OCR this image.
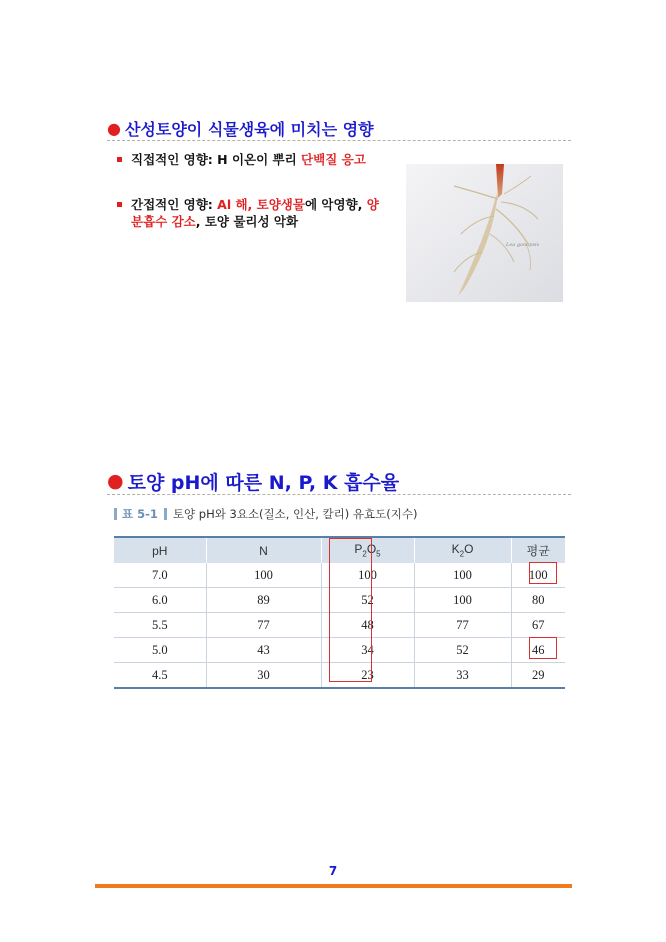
● 산성토양이 식물생육에 미치는 영향
직접적인 영향: H 이온이 뿌리 단백질 응고
간접적인 영향: Al 해, 토양생물에 악영향, 양분흡수 감소, 토양 물리성 악화
Lea gonopsis
● 토양 pH에 따른 N, P, K 흡수율
표 5-1 토양 pH와 3요소(질소, 인산, 칼리) 유효도(지수)
pH	N	$P_2O_5$	$K_2O$	평균
7.0	100	100	100	100
6.0	89	52	100	80
5.5	77	48	77	67
5.0	43	34	52	46
4.5	30	23	33	29
7
